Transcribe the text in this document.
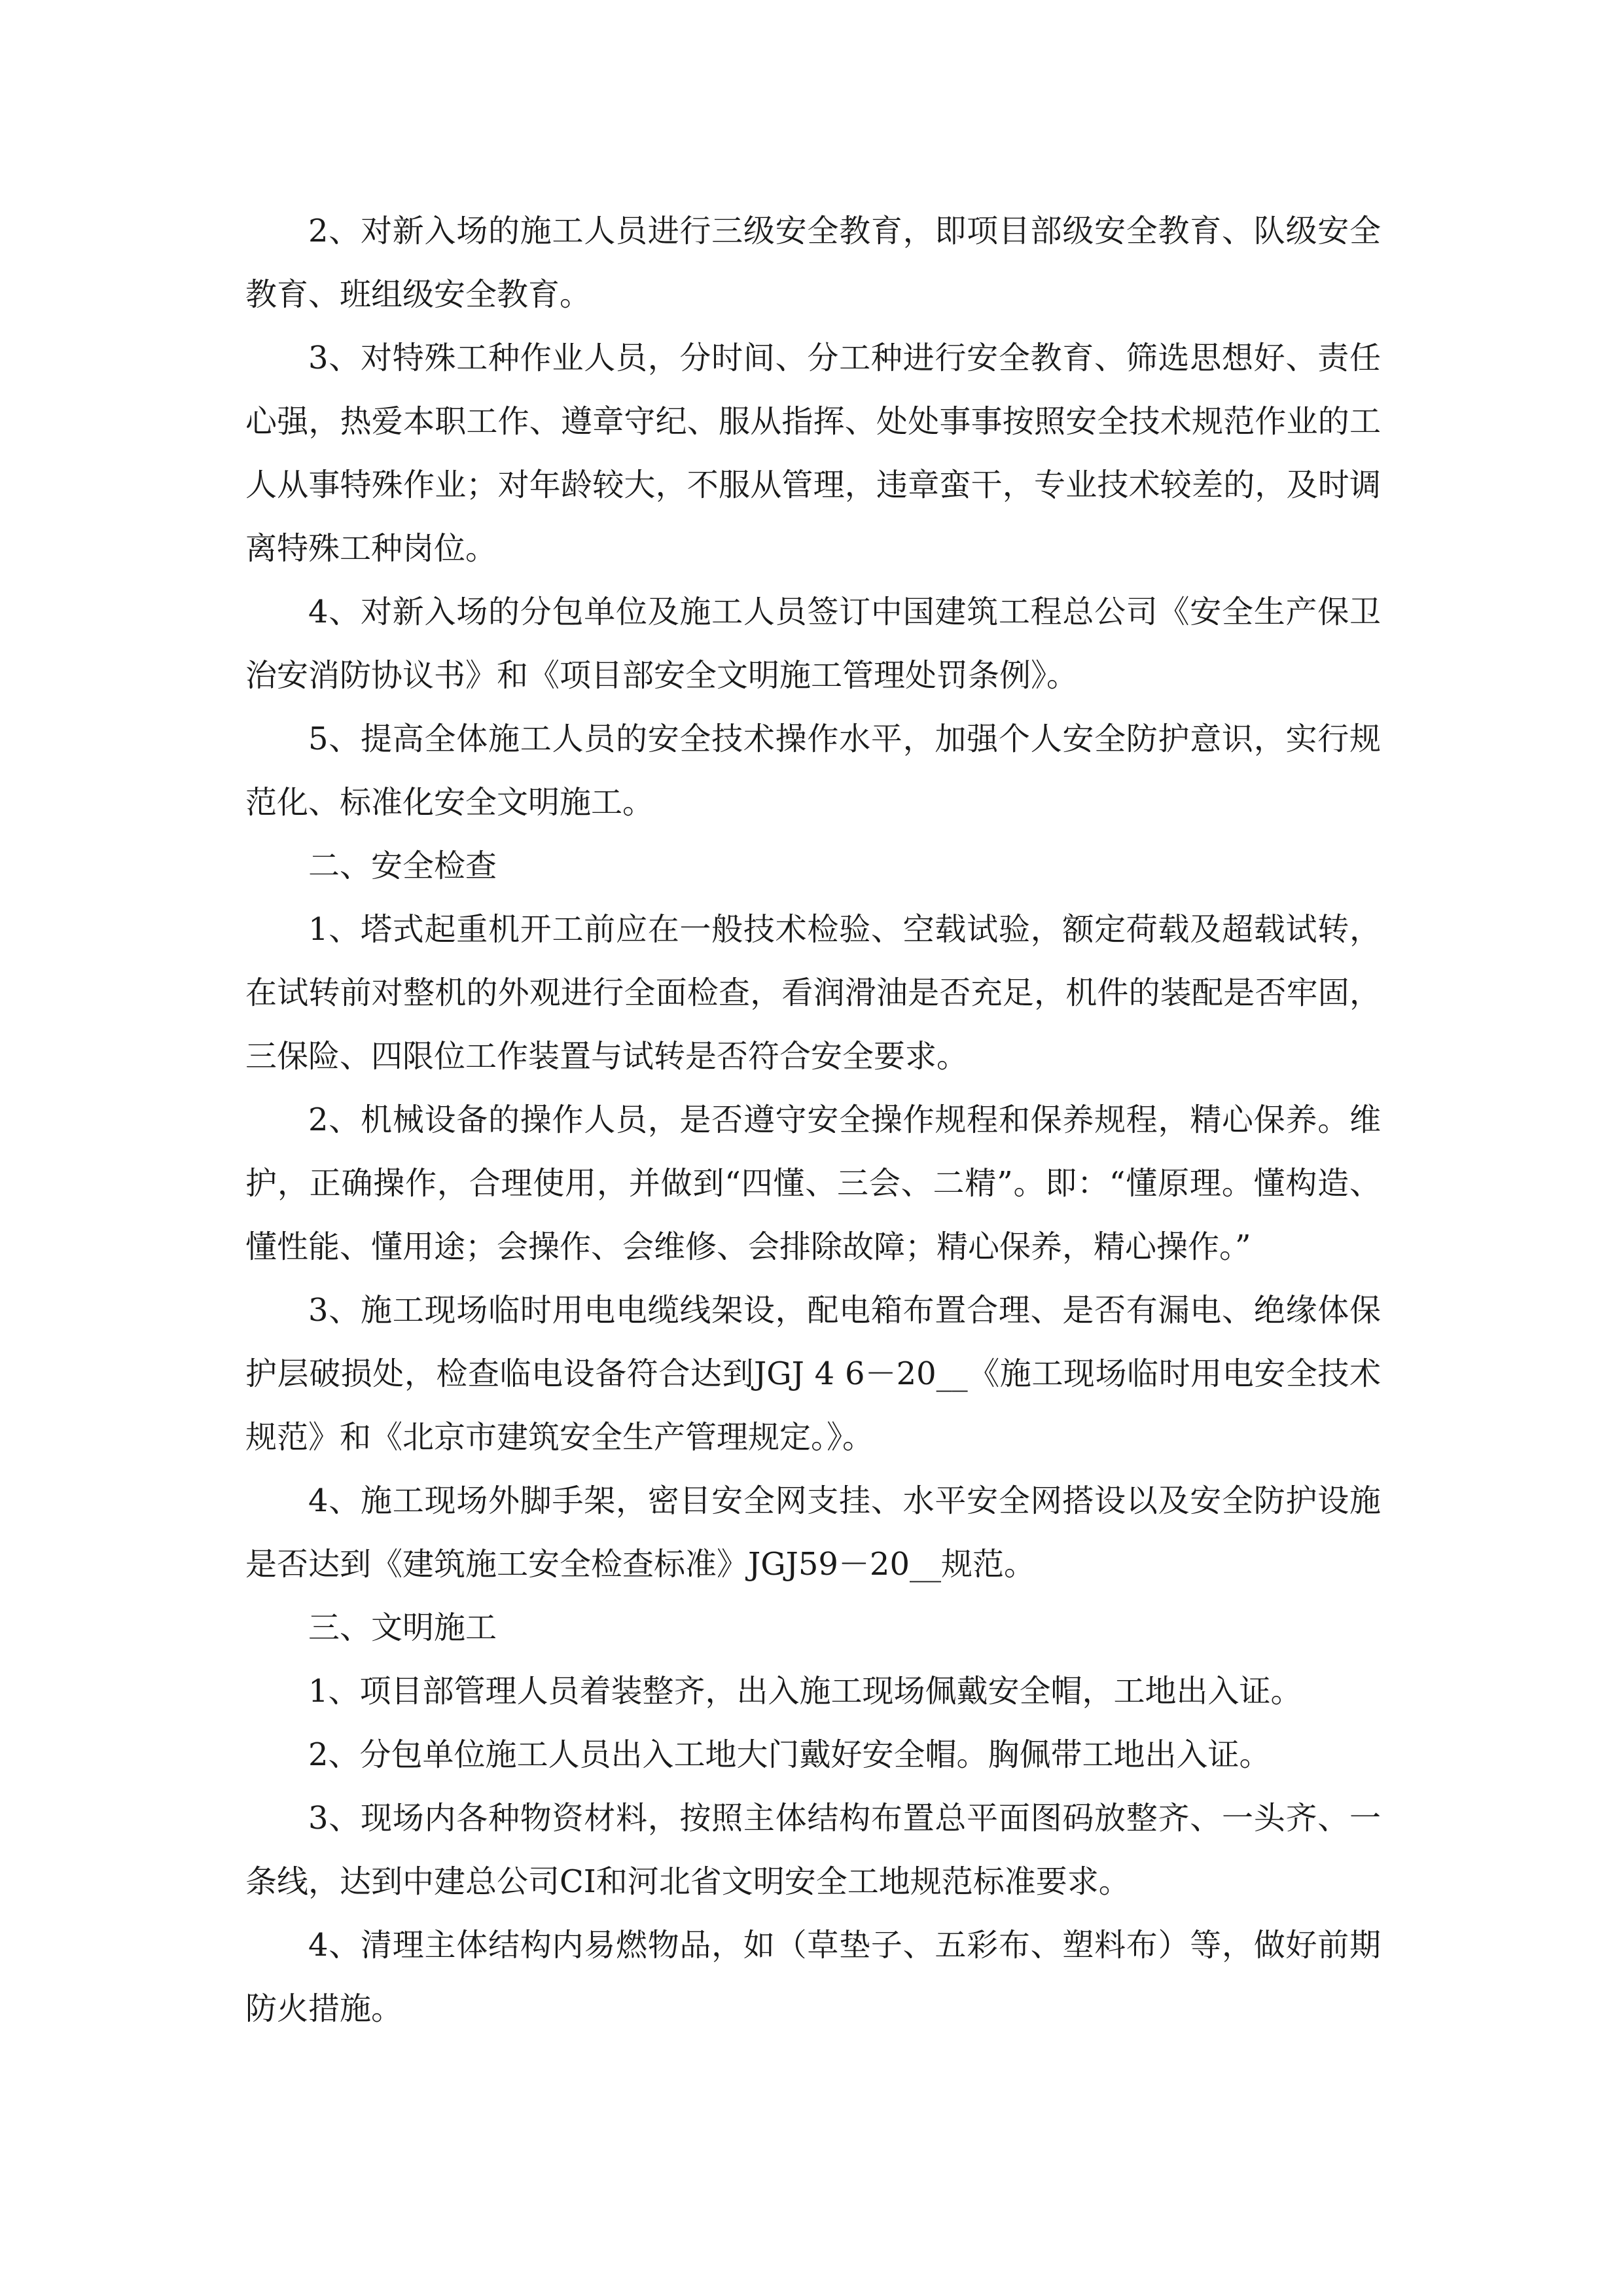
2、对新入场的施工人员进行三级安全教育，即项目部级安全教育、队级安全教育、班组级安全教育。

3、对特殊工种作业人员，分时间、分工种进行安全教育、筛选思想好、责任心强，热爱本职工作、遵章守纪、服从指挥、处处事事按照安全技术规范作业的工人从事特殊作业；对年龄较大，不服从管理，违章蛮干，专业技术较差的，及时调离特殊工种岗位。

4、对新入场的分包单位及施工人员签订中国建筑工程总公司《安全生产保卫治安消防协议书》和《项目部安全文明施工管理处罚条例》。

5、提高全体施工人员的安全技术操作水平，加强个人安全防护意识，实行规范化、标准化安全文明施工。

二、安全检查

1、塔式起重机开工前应在一般技术检验、空载试验，额定荷载及超载试转，在试转前对整机的外观进行全面检查，看润滑油是否充足，机件的装配是否牢固，三保险、四限位工作装置与试转是否符合安全要求。

2、机械设备的操作人员，是否遵守安全操作规程和保养规程，精心保养。维护，正确操作，合理使用，并做到“四懂、三会、二精”。即：“懂原理。懂构造、懂性能、懂用途；会操作、会维修、会排除故障；精心保养，精心操作。”

3、施工现场临时用电电缆线架设，配电箱布置合理、是否有漏电、绝缘体保护层破损处，检查临电设备符合达到JGJ 4 6－20__《施工现场临时用电安全技术规范》和《北京市建筑安全生产管理规定。》。

4、施工现场外脚手架，密目安全网支挂、水平安全网搭设以及安全防护设施是否达到《建筑施工安全检查标准》JGJ59－20__规范。

三、文明施工

1、项目部管理人员着装整齐，出入施工现场佩戴安全帽，工地出入证。

2、分包单位施工人员出入工地大门戴好安全帽。胸佩带工地出入证。

3、现场内各种物资材料，按照主体结构布置总平面图码放整齐、一头齐、一条线，达到中建总公司CI和河北省文明安全工地规范标准要求。

4、清理主体结构内易燃物品，如（草垫子、五彩布、塑料布）等，做好前期防火措施。
